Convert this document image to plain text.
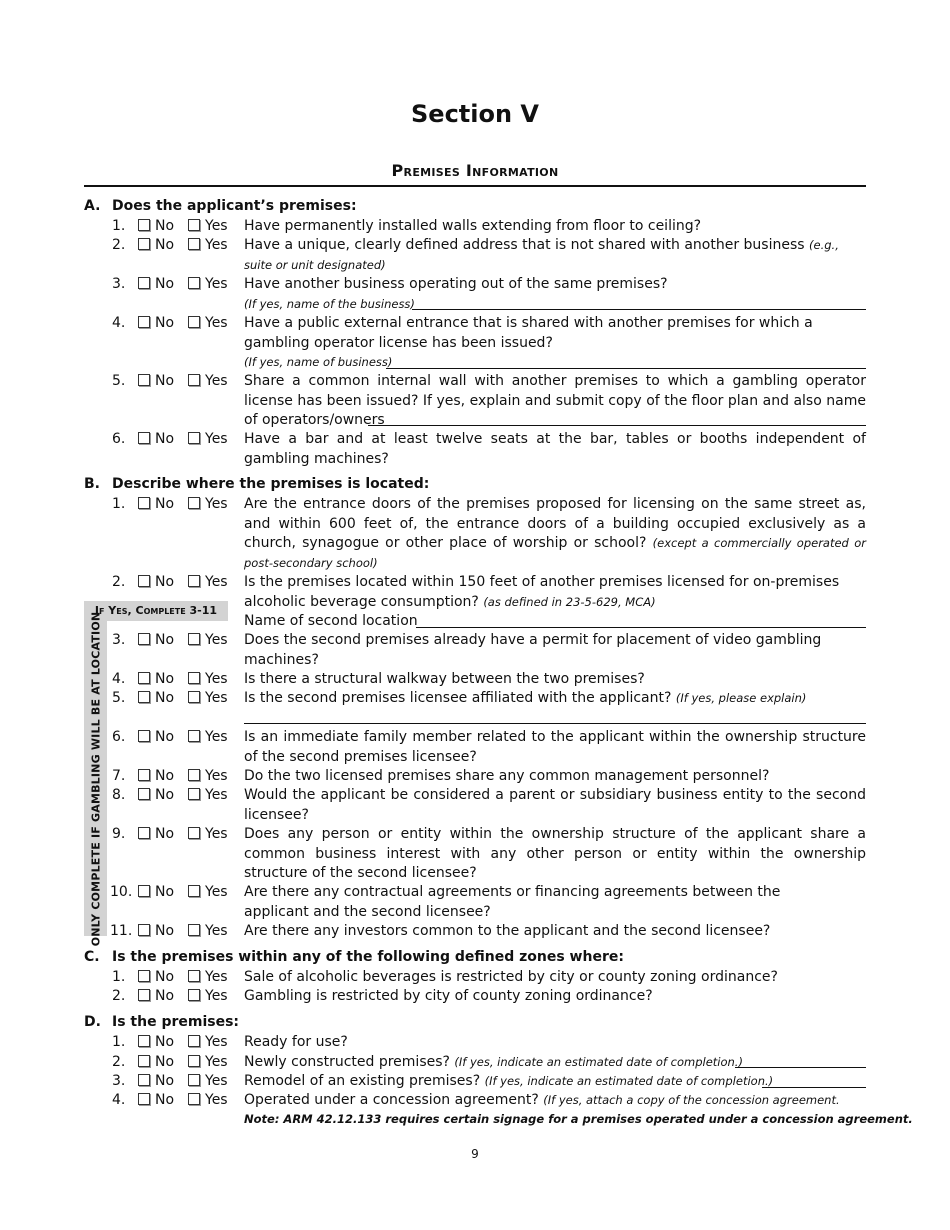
Section V
Premises Information
A. Does the applicant’s premises:
1.	No Yes Have permanently installed walls extending from floor to ceiling?
2.	No Yes Have a unique, clearly defined address that is not shared with another business (e.g., suite or unit designated)
3.	No Yes Have another business operating out of the same premises?
(If yes, name of the business)
4.	No Yes Have a public external entrance that is shared with another premises for which a gambling operator license has been issued?
(If yes, name of business)
5.	No Yes Share a common internal wall with another premises to which a gambling operator license has been issued? If yes, explain and submit copy of the floor plan and also name of operators/owners
6.	No Yes Have a bar and at least twelve seats at the bar, tables or booths independent of gambling machines?
B. Describe where the premises is located:
1.	No Yes Are the entrance doors of the premises proposed for licensing on the same street as, and within 600 feet of, the entrance doors of a building occupied exclusively as a church, synagogue or other place of worship or school? (except a commercially operated or post-secondary school)
2.	No Yes Is the premises located within 150 feet of another premises licensed for on-premises alcoholic beverage consumption? (as defined in 23-5-629, MCA)
Name of second location
If Yes, Complete 3-11
ONLY COMPLETE IF GAMBLING WILL BE AT LOCATION 3.	No Yes Does the second premises already have a permit for placement of video gambling machines?
4.	No Yes Is there a structural walkway between the two premises?
5.	No Yes Is the second premises licensee affiliated with the applicant? (If yes, please explain)
6.	No Yes Is an immediate family member related to the applicant within the ownership structure of the second premises licensee?
7.	No Yes Do the two licensed premises share any common management personnel?
8.	No Yes Would the applicant be considered a parent or subsidiary business entity to the second licensee?
9.	No Yes Does any person or entity within the ownership structure of the applicant share a common business interest with any other person or entity within the ownership structure of the second licensee?
10.	No Yes Are there any contractual agreements or financing agreements between the applicant and the second licensee?
11.	No Yes Are there any investors common to the applicant and the second licensee?
C. Is the premises within any of the following defined zones where:
1.	No Yes Sale of alcoholic beverages is restricted by city or county zoning ordinance?
2.	No Yes Gambling is restricted by city of county zoning ordinance?
D. Is the premises:
1.	No Yes Ready for use?
2.	No Yes Newly constructed premises? (If yes, indicate an estimated date of completion.)
3.	No Yes Remodel of an existing premises? (If yes, indicate an estimated date of completion.)
4.	No Yes Operated under a concession agreement? (If yes, attach a copy of the concession agreement.
Note: ARM 42.12.133 requires certain signage for a premises operated under a concession agreement.
9
